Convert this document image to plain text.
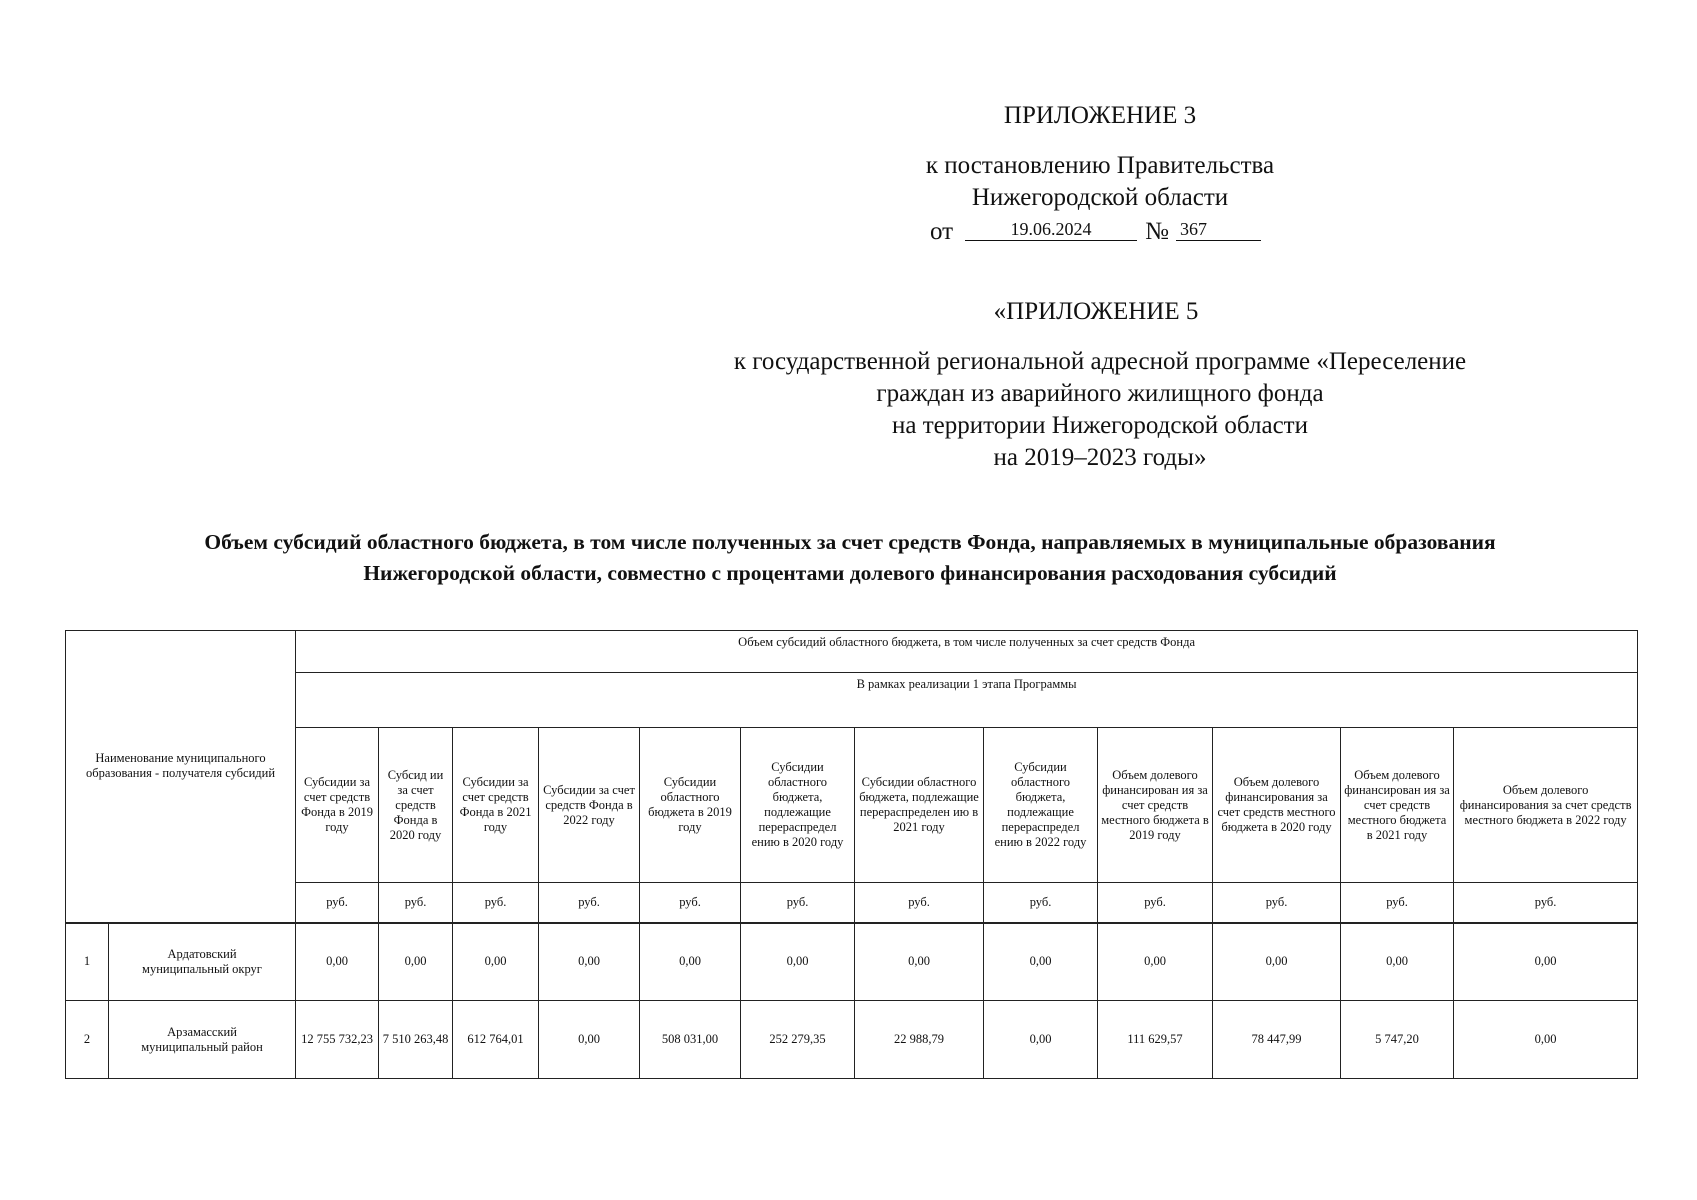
ПРИЛОЖЕНИЕ 3
к постановлению Правительства
Нижегородской области
от	19.06.2024	№ 367
«ПРИЛОЖЕНИЕ 5
к государственной региональной адресной программе «Переселение
граждан из аварийного жилищного фонда
на территории Нижегородской области
на 2019–2023 годы»
Объем субсидий областного бюджета, в том числе полученных за счет средств Фонда, направляемых в муниципальные образования
Нижегородской области, совместно с процентами долевого финансирования расходования субсидий
Наименование муниципального образования - получателя субсидий		Объем субсидий областного бюджета, в том числе полученных за счет средств Фонда											
		В рамках реализации 1 этапа Программы											
		Субсидии за счет средств Фонда в 2019 году	Субсид ии за счет средств Фонда в 2020 году	Субсидии за счет средств Фонда в 2021 году	Субсидии за счет средств Фонда в 2022 году	Субсидии областного бюджета в 2019 году	Субсидии областного бюджета, подлежащие перераспредел ению в 2020 году	Субсидии областного бюджета, подлежащие перераспределен ию в 2021 году	Субсидии областного бюджета, подлежащие перераспредел ению в 2022 году	Объем долевого финансирован ия за счет средств местного бюджета в 2019 году	Объем долевого финансирования за счет средств местного бюджета в 2020 году	Объем долевого финансирован ия за счет средств местного бюджета в 2021 году	Объем долевого финансирования за счет средств местного бюджета в 2022 году
		руб.	руб.	руб.	руб.	руб.	руб.	руб.	руб.	руб.	руб.	руб.	руб.
1	Ардатовский муниципальный округ	0,00	0,00	0,00	0,00	0,00	0,00	0,00	0,00	0,00	0,00	0,00	0,00
2	Арзамасский муниципальный район	12 755 732,23	7 510 263,48	612 764,01	0,00	508 031,00	252 279,35	22 988,79	0,00	111 629,57	78 447,99	5 747,20	0,00
